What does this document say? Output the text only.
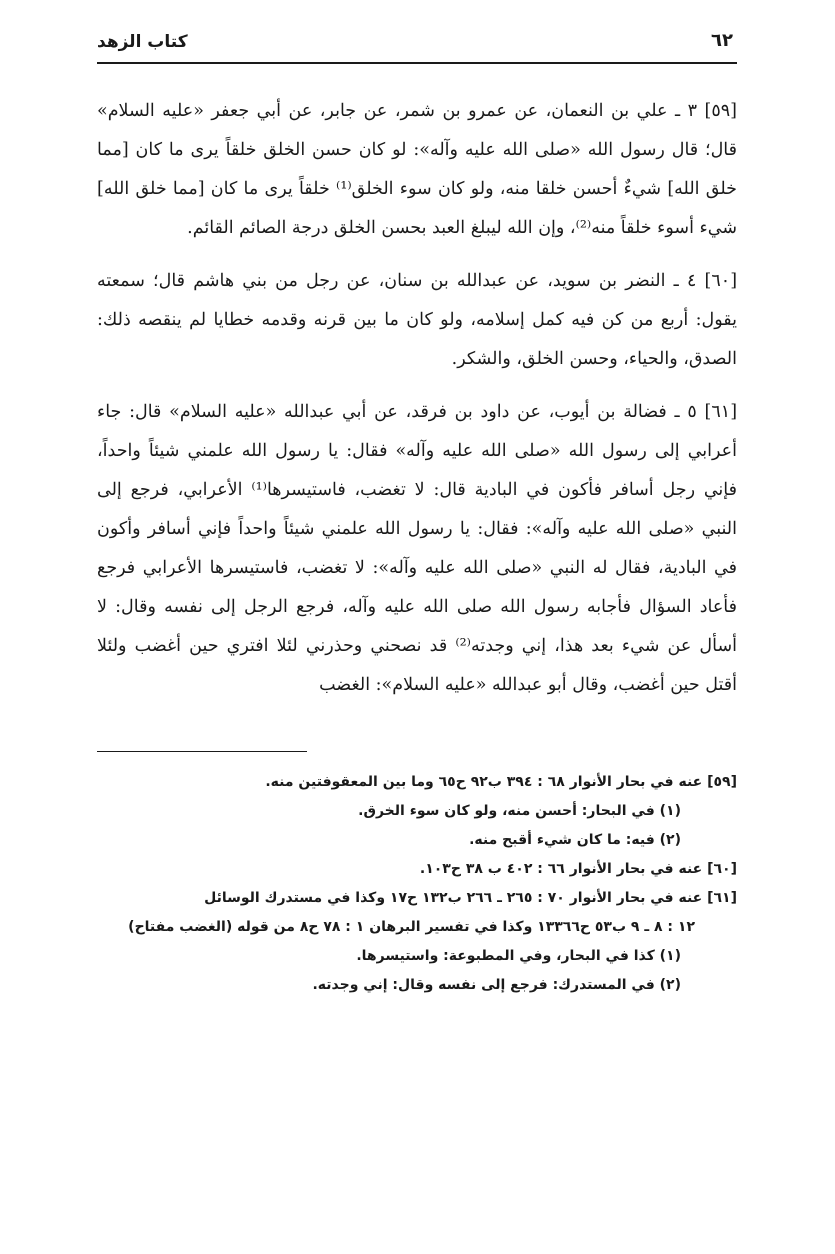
٦٢
كتاب الزهد

[٥٩] ٣ ـ علي بن النعمان، عن عمرو بن شمر، عن جابر، عن أبي جعفر «عليه السلام» قال؛ قال رسول الله «صلى الله عليه وآله»: لو كان حسن الخلق خلقاً يرى ما كان [مما خلق الله] شيءٌ أحسن خلقا منه، ولو كان سوء الخلق⁽¹⁾ خلقاً يرى ما كان [مما خلق الله] شيء أسوء خلقاً منه⁽²⁾، وإن الله ليبلغ العبد بحسن الخلق درجة الصائم القائم.

[٦٠] ٤ ـ النضر بن سويد، عن عبدالله بن سنان، عن رجل من بني هاشم قال؛ سمعته يقول: أربع من كن فيه كمل إسلامه، ولو كان ما بين قرنه وقدمه خطايا لم ينقصه ذلك: الصدق، والحياء، وحسن الخلق، والشكر.

[٦١] ٥ ـ فضالة بن أيوب، عن داود بن فرقد، عن أبي عبدالله «عليه السلام» قال: جاء أعرابي إلى رسول الله «صلى الله عليه وآله» فقال: يا رسول الله علمني شيئاً واحداً، فإني رجل أسافر فأكون في البادية قال: لا تغضب، فاستيسرها⁽¹⁾ الأعرابي، فرجع إلى النبي «صلى الله عليه وآله»: فقال: يا رسول الله علمني شيئاً واحداً فإني أسافر وأكون في البادية، فقال له النبي «صلى الله عليه وآله»: لا تغضب، فاستيسرها الأعرابي فرجع فأعاد السؤال فأجابه رسول الله صلى الله عليه وآله، فرجع الرجل إلى نفسه وقال: لا أسأل عن شيء بعد هذا، إني وجدته⁽²⁾ قد نصحني وحذرني لئلا افتري حين أغضب ولئلا أقتل حين أغضب، وقال أبو عبدالله «عليه السلام»: الغضب

[٥٩] عنه في بحار الأنوار ٦٨ : ٣٩٤ ب٩٢ ح٦٥ وما بين المعقوفتين منه.
(١) في البحار: أحسن منه، ولو كان سوء الخرق.
(٢) فيه: ما كان شيء أقبح منه.
[٦٠] عنه في بحار الأنوار ٦٦ : ٤٠٢ ب ٣٨ ح١٠٣.
[٦١] عنه في بحار الأنوار ٧٠ : ٢٦٥ ـ ٢٦٦ ب١٣٢ ح١٧ وكذا في مستدرك الوسائل
١٢ : ٨ ـ ٩ ب٥٣ ح١٣٣٦٦ وكذا في تفسير البرهان ١ : ٧٨ ح٨ من قوله (الغضب مفتاح)
(١) كذا في البحار، وفي المطبوعة: واستيسرها.
(٢) في المستدرك: فرجع إلى نفسه وقال: إني وجدته.
